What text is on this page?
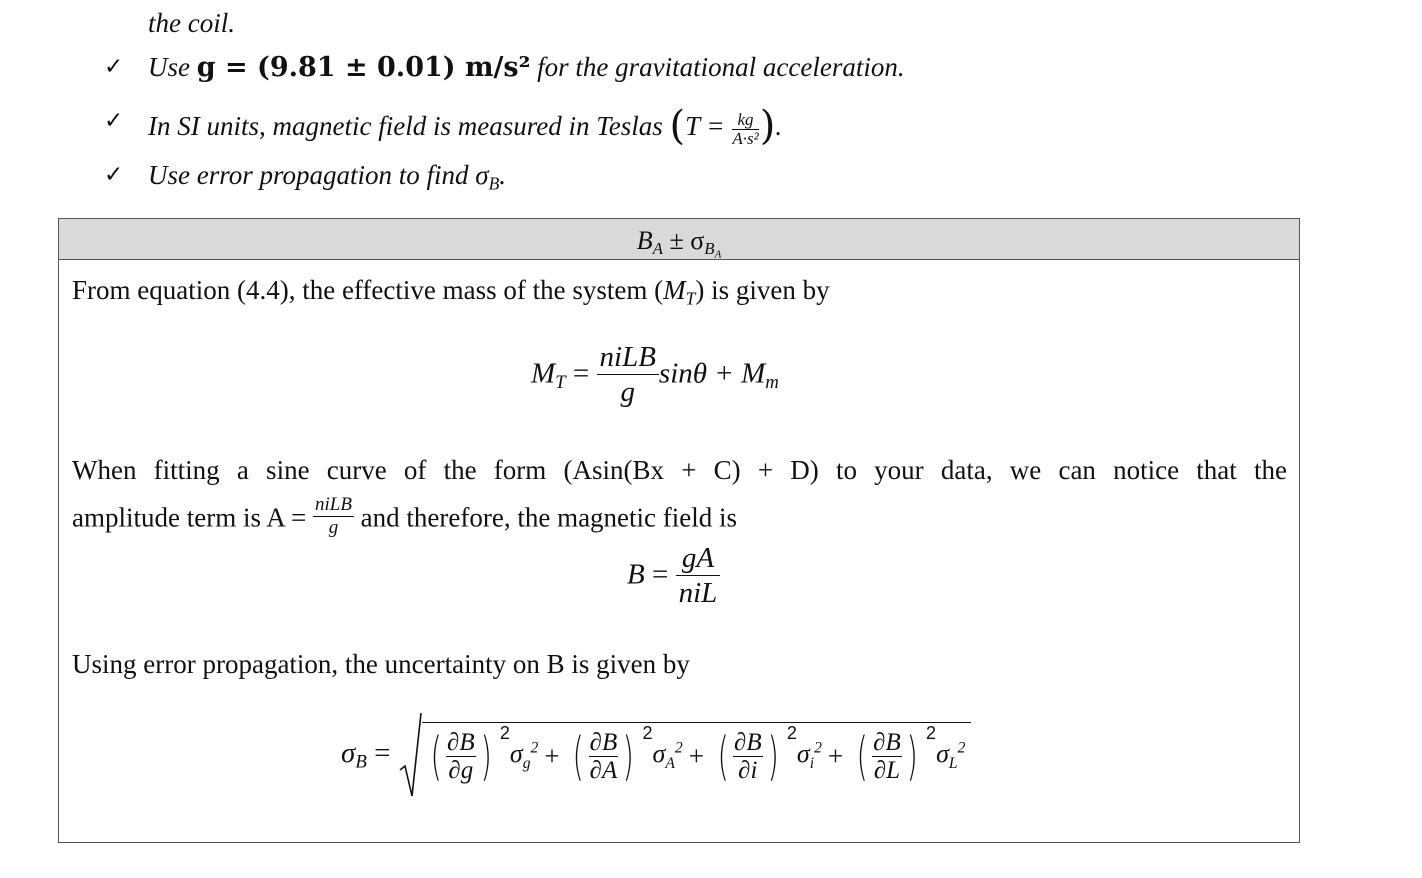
the coil.
✓ Use g = (9.81 ± 0.01) m/s² for the gravitational acceleration.
✓ In SI units, magnetic field is measured in Teslas ($T = \frac{kg}{\text{A·s²}}$ ).
✓ Use error propagation to find $\sigma_B$.
$B_A \pm \sigma_{B_A}$
From equation (4.4), the effective mass of the system $(M_T)$ is given by
$M_T = \frac{\text{niLB}}{g}$ $\sin\theta + M_m$
When fitting a sine curve of the form (Asin(Bx + C) + D) to your data, we can notice that the
amplitude term is $A = \frac{\text{niLB}}{g}$ and therefore, the magnetic field is
$B = \frac{gA}{\text{niL}}$
Using error propagation, the uncertainty on B is given by
$\sigma_B$ = ( $\frac{\partial B}{\partial g}$ ) 2
$\sigma_g^2$ + ( $\frac{\partial B}{\partial A}$ ) 2
$\sigma_A^2$ + ( $\frac{\partial B}{\partial i}$ ) 2
$\sigma_i^2$ + ( $\frac{\partial B}{\partial L}$ ) 2
$\sigma_L^2$
